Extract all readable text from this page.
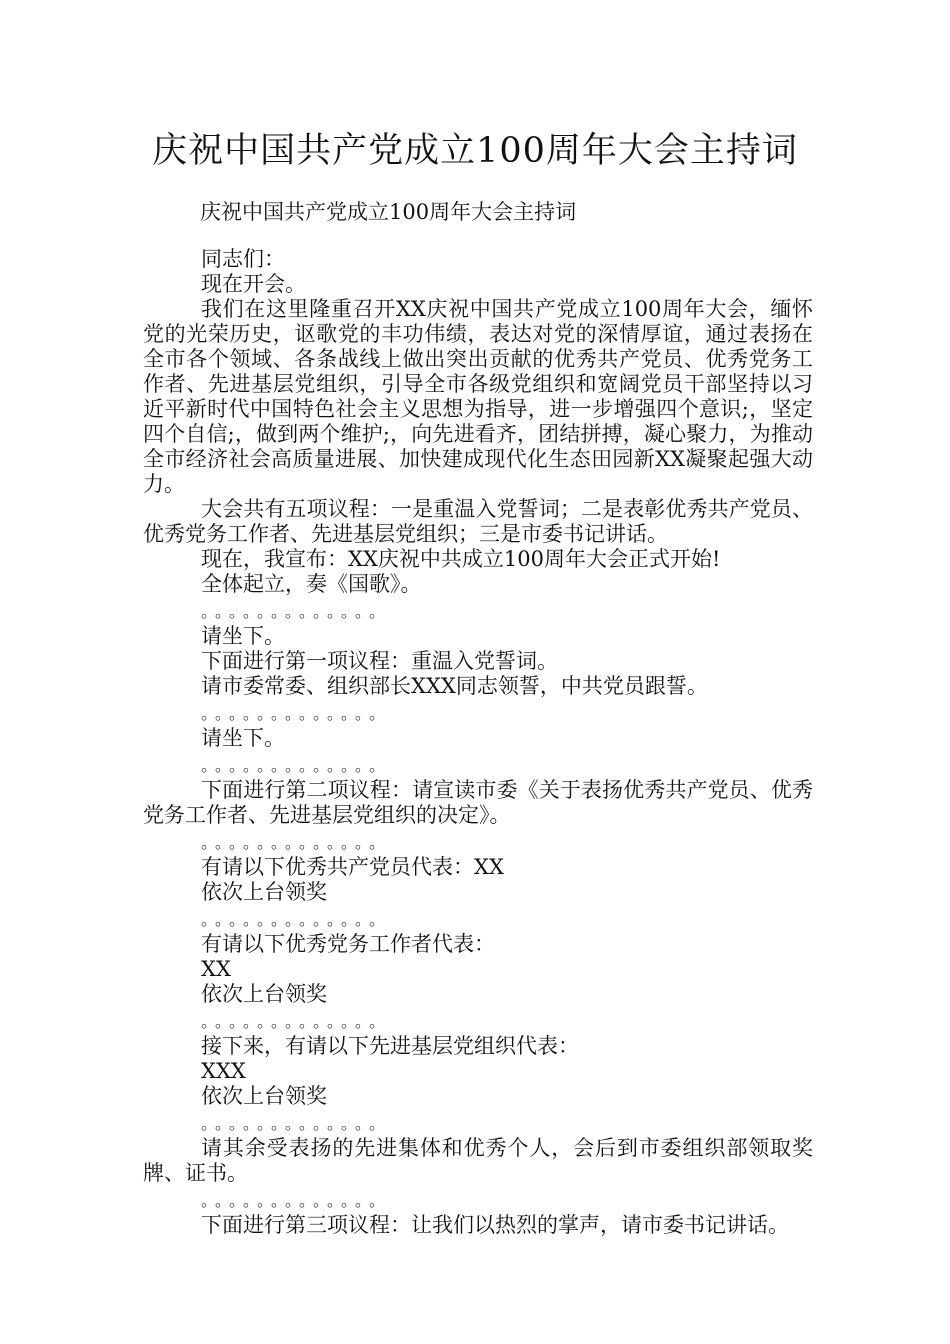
庆祝中国共产党成立100周年大会主持词

庆祝中国共产党成立100周年大会主持词

同志们：

现在开会。

我们在这里隆重召开XX庆祝中国共产党成立100周年大会，缅怀党的光荣历史，讴歌党的丰功伟绩，表达对党的深情厚谊，通过表扬在全市各个领域、各条战线上做出突出贡献的优秀共产党员、优秀党务工作者、先进基层党组织，引导全市各级党组织和宽阔党员干部坚持以习近平新时代中国特色社会主义思想为指导，进一步增强四个意识;，坚定四个自信;，做到两个维护;，向先进看齐，团结拼搏，凝心聚力，为推动全市经济社会高质量进展、加快建成现代化生态田园新XX凝聚起强大动力。

大会共有五项议程：一是重温入党誓词；二是表彰优秀共产党员、优秀党务工作者、先进基层党组织；三是市委书记讲话。

现在，我宣布：XX庆祝中共成立100周年大会正式开始!

全体起立，奏《国歌》。

。。。。。。。。。。。。。

请坐下。

下面进行第一项议程：重温入党誓词。

请市委常委、组织部长XXX同志领誓，中共党员跟誓。

。。。。。。。。。。。。。

请坐下。

。。。。。。。。。。。。。

下面进行第二项议程：请宣读市委《关于表扬优秀共产党员、优秀党务工作者、先进基层党组织的决定》。

。。。。。。。。。。。。。

有请以下优秀共产党员代表：XX

依次上台领奖

。。。。。。。。。。。。。

有请以下优秀党务工作者代表：

XX

依次上台领奖

。。。。。。。。。。。。。

接下来，有请以下先进基层党组织代表：

XXX

依次上台领奖

。。。。。。。。。。。。。

请其余受表扬的先进集体和优秀个人，会后到市委组织部领取奖牌、证书。

。。。。。。。。。。。。。

下面进行第三项议程：让我们以热烈的掌声，请市委书记讲话。
